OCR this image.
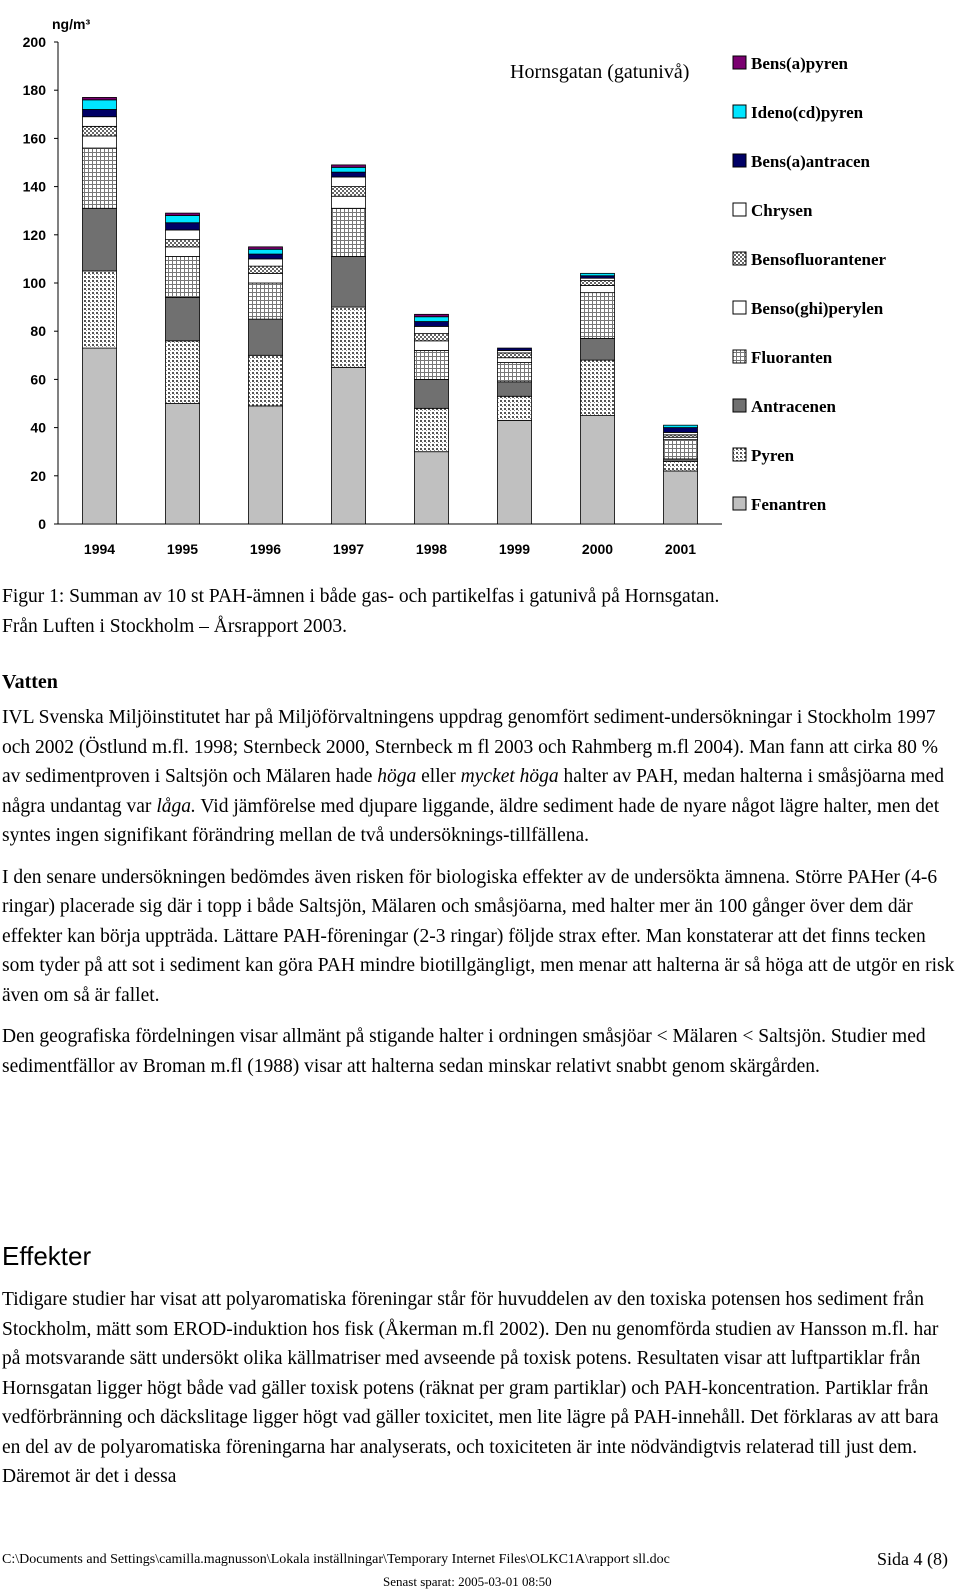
0
20
40
60
80
100
120
140
160
180
200
1994	1995	1996	1997	1998	1999	2000	2001
Bens(a)pyren
Ideno(cd)pyren
Bens(a)antracen
Chrysen
Bensofluorantener
Benso(ghi)perylen
Fluoranten
Antracenen
Pyren
Fenantren
Hornsgatan (gatunivå)
ng/m³

Figur 1: Summan av 10 st PAH-ämnen i både gas- och partikelfas i gatunivå på Hornsgatan.

Från Luften i Stockholm – Årsrapport 2003.

Vatten

IVL Svenska Miljöinstitutet har på Miljöförvaltningens uppdrag genomfört sediment-undersökningar i Stockholm 1997 och 2002 (Östlund m.fl. 1998; Sternbeck 2000, Sternbeck m fl 2003 och Rahmberg m.fl 2004). Man fann att cirka 80 % av sedimentproven i Saltsjön och Mälaren hade höga eller mycket höga halter av PAH, medan halterna i småsjöarna med några undantag var låga. Vid jämförelse med djupare liggande, äldre sediment hade de nyare något lägre halter, men det syntes ingen signifikant förändring mellan de två undersöknings-tillfällena.

I den senare undersökningen bedömdes även risken för biologiska effekter av de undersökta ämnena. Större PAHer (4-6 ringar) placerade sig där i topp i både Saltsjön, Mälaren och småsjöarna, med halter mer än 100 gånger över dem där effekter kan börja uppträda. Lättare PAH-föreningar (2-3 ringar) följde strax efter. Man konstaterar att det finns tecken som tyder på att sot i sediment kan göra PAH mindre biotillgängligt, men menar att halterna är så höga att de utgör en risk även om så är fallet.

Den geografiska fördelningen visar allmänt på stigande halter i ordningen småsjöar < Mälaren < Saltsjön. Studier med sedimentfällor av Broman m.fl (1988) visar att halterna sedan minskar relativt snabbt genom skärgården.

Effekter

Tidigare studier har visat att polyaromatiska föreningar står för huvuddelen av den toxiska potensen hos sediment från Stockholm, mätt som EROD-induktion hos fisk (Åkerman m.fl 2002). Den nu genomförda studien av Hansson m.fl. har på motsvarande sätt undersökt olika källmatriser med avseende på toxisk potens. Resultaten visar att luftpartiklar från Hornsgatan ligger högt både vad gäller toxisk potens (räknat per gram partiklar) och PAH-koncentration. Partiklar från vedförbränning och däckslitage ligger högt vad gäller toxicitet, men lite lägre på PAH-innehåll. Det förklaras av att bara en del av de polyaromatiska föreningarna har analyserats, och toxiciteten är inte nödvändigtvis relaterad till just dem. Däremot är det i dessa

C:\Documents and Settings\camilla.magnusson\Lokala inställningar\Temporary Internet Files\OLKC1A\rapport sll.doc	Sida 4 (8)
Senast sparat: 2005-03-01 08:50
